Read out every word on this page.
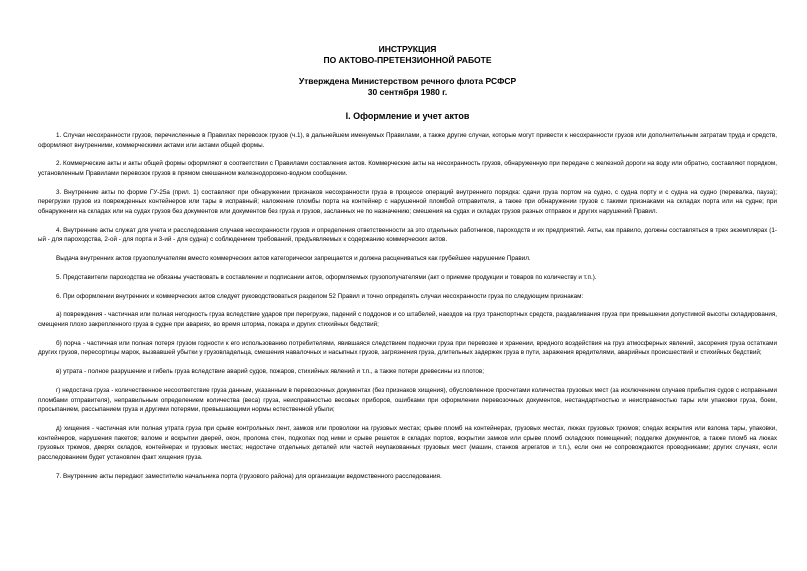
ИНСТРУКЦИЯ
ПО АКТОВО-ПРЕТЕНЗИОННОЙ РАБОТЕ
Утверждена Министерством речного флота РСФСР
30 сентября 1980 г.
I. Оформление и учет актов

1. Случаи несохранности грузов, перечисленные в Правилах перевозок грузов (ч.1), в дальнейшем именуемых Правилами, а также другие случаи, которые могут привести к несохранности грузов или дополнительным затратам труда и средств, оформляют внутренними, коммерческими актами или актами общей формы.

2. Коммерческие акты и акты общей формы оформляют в соответствии с Правилами составления актов. Коммерческие акты на несохранность грузов, обнаруженную при передаче с железной дороги на воду или обратно, составляют порядком, установленным Правилами перевозок грузов в прямом смешанном железнодорожно-водном сообщении.

3. Внутренние акты по форме ГУ-25а (прил. 1) составляют при обнаружении признаков несохранности груза в процессе операций внутреннего порядка: сдачи груза портом на судно, с судна порту и с судна на судно (перевалка, пауза); перегрузки грузов из поврежденных контейнеров или тары в исправный; наложение пломбы порта на контейнер с нарушенной пломбой отправителя, а также при обнаружении грузов с такими признаками на складах порта или на судне; при обнаружении на складах или на судах грузов без документов или документов без груза и грузов, засланных не по назначению; смешения на судах и складах грузов разных отправок и других нарушений Правил.

4. Внутренние акты служат для учета и расследования случаев несохранности грузов и определения ответственности за это отдельных работников, пароходств и их предприятий. Акты, как правило, должны составляться в трех экземплярах (1-ый - для пароходства, 2-ой - для порта и 3-ий - для судна) с соблюдением требований, предъявляемых к содержанию коммерческих актов.

Выдача внутренних актов грузополучателям вместо коммерческих актов категорически запрещается и должна расцениваться как грубейшее нарушение Правил.

5. Представители пароходства не обязаны участвовать в составлении и подписании актов, оформляемых грузополучателями (акт о приемке продукции и товаров по количеству и т.п.).

6. При оформлении внутренних и коммерческих актов следует руководствоваться разделом 52 Правил и точно определять случаи несохранности груза по следующим признакам:

а) повреждения - частичная или полная негодность груза вследствие ударов при перегрузке, падений с поддонов и со штабелей, наездов на груз транспортных средств, раздавливания груза при превышении допустимой высоты складирования, смещения плохо закрепленного груза в судне при авариях, во время шторма, пожара и других стихийных бедствий;

б) порча - частичная или полная потеря грузом годности к его использованию потребителями, явившаяся следствием подмочки груза при перевозке и хранении, вредного воздействия на груз атмосферных явлений, засорения груза остатками других грузов, пересортицы марок, вызвавшей убытки у грузовладельца, смешения навалочных и насыпных грузов, загрязнения груза, длительных задержек груза в пути, заражения вредителями, аварийных происшествий и стихийных бедствий;

в) утрата - полное разрушение и гибель груза вследствие аварий судов, пожаров, стихийных явлений и т.п., а также потери древесины из плотов;

г) недостача груза - количественное несоответствие груза данным, указанным в перевозочных документах (без признаков хищения), обусловленное просчетами количества грузовых мест (за исключением случаев прибытия судов с исправными пломбами отправителя), неправильным определением количества (веса) груза, неисправностью весовых приборов, ошибками при оформлении перевозочных документов, нестандартностью и неисправностью тары или упаковки груза, боем, просыпанием, рассыпанием груза и другими потерями, превышающими нормы естественной убыли;

д) хищения - частичная или полная утрата груза при срыве контрольных лент, замков или проволоки на грузовых местах; срыве пломб на контейнерах, грузовых местах, люках грузовых трюмов; следах вскрытия или взлома тары, упаковки, контейнеров, нарушения пакетов; взломе и вскрытии дверей, окон, пролома стен, подкопах под ними и срыве решеток в складах портов, вскрытии замков или срыве пломб складских помещений; подделке документов, а также пломб на люках грузовых трюмов, дверях складов, контейнерах и грузовых местах; недостаче отдельных деталей или частей неупакованных грузовых мест (машин, станков агрегатов и т.п.), если они не сопровождаются проводниками; других случаях, если расследованием будет установлен факт хищения груза.

7. Внутренние акты передают заместителю начальника порта (грузового района) для организации ведомственного расследования.
